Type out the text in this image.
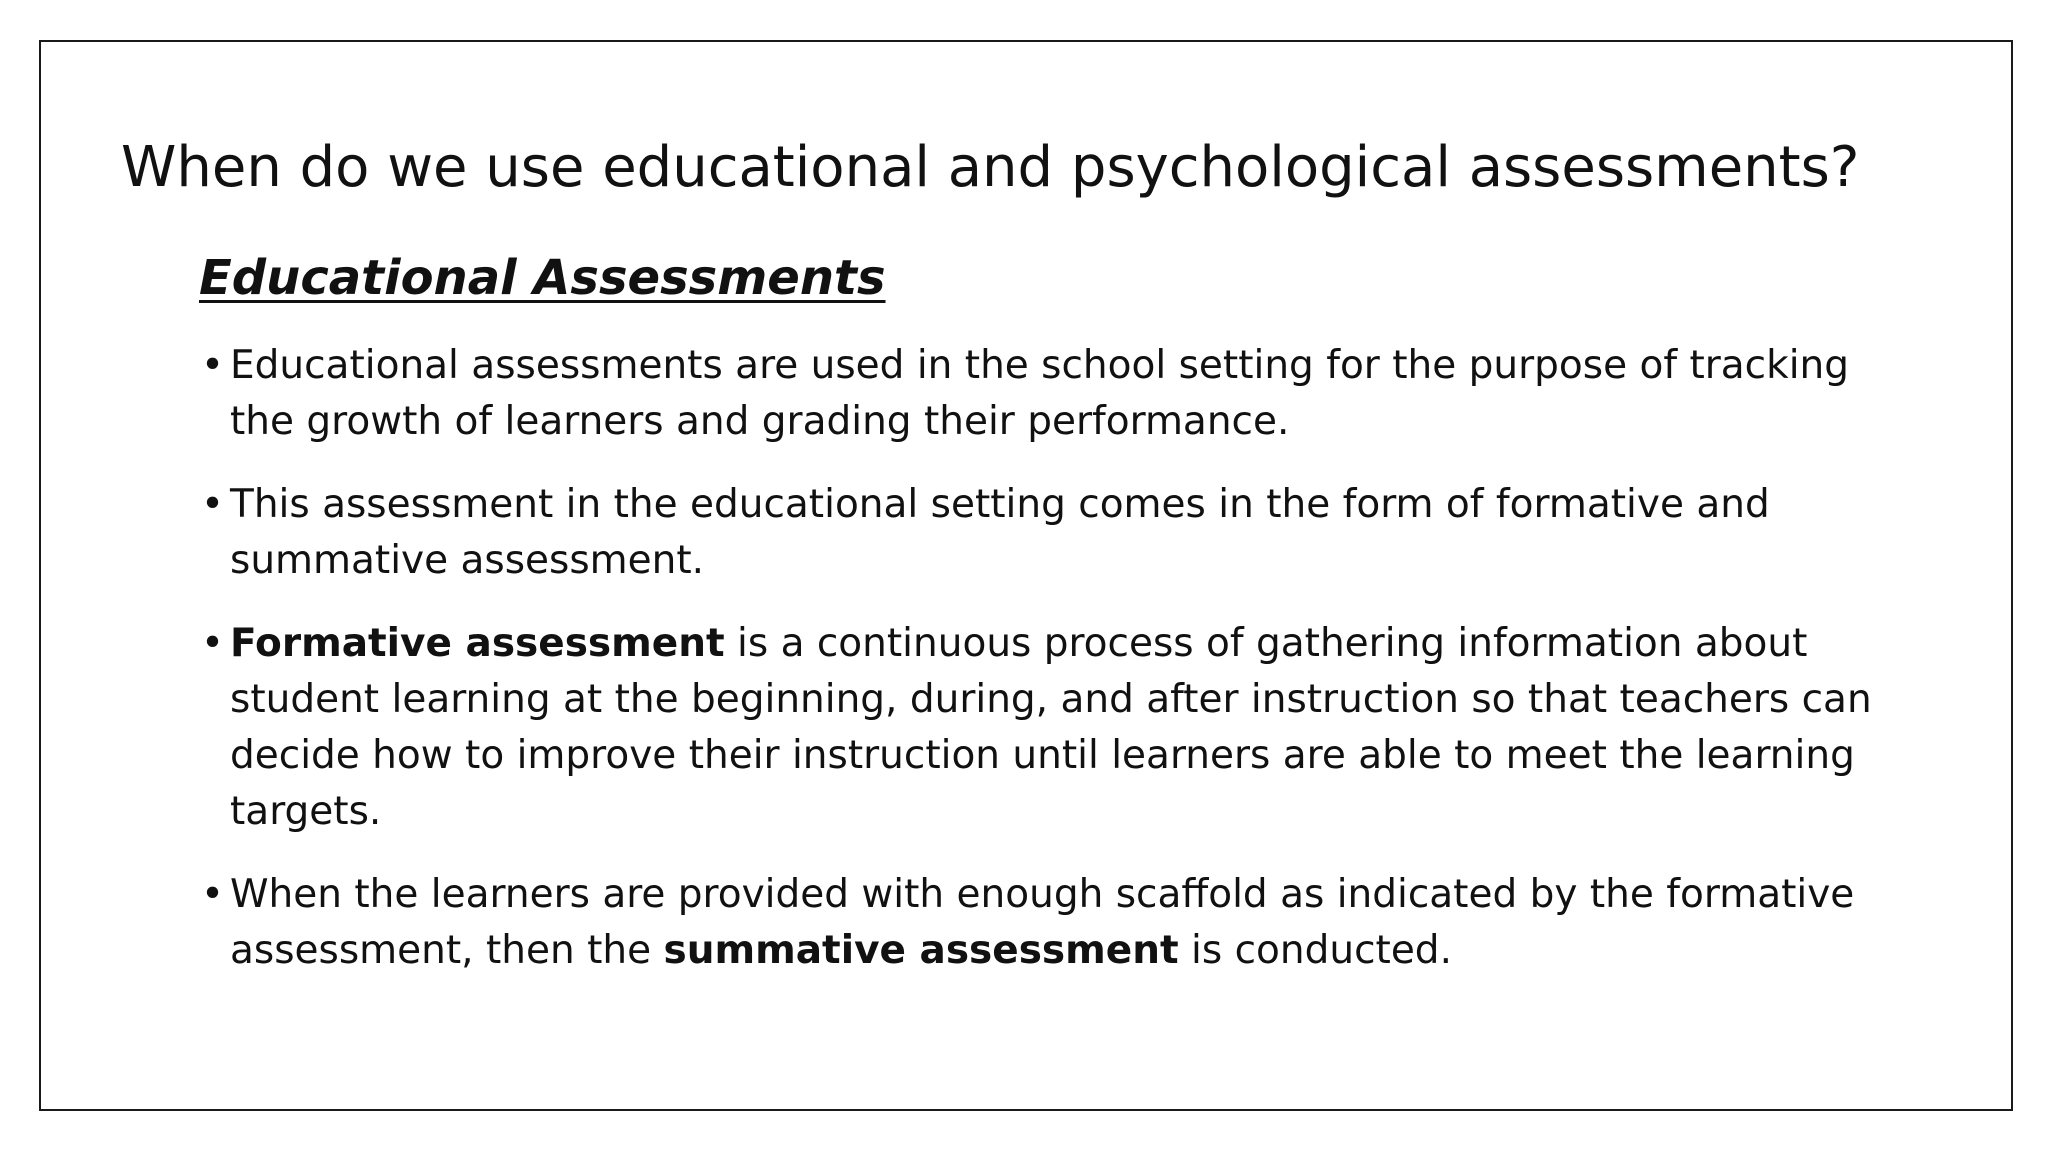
When do we use educational and psychological assessments?
Educational Assessments
• Educational assessments are used in the school setting for the purpose of tracking the growth of learners and grading their performance.
• This assessment in the educational setting comes in the form of formative and summative assessment.
• Formative assessment is a continuous process of gathering information about student learning at the beginning, during, and after instruction so that teachers can decide how to improve their instruction until learners are able to meet the learning targets.
• When the learners are provided with enough scaffold as indicated by the formative assessment, then the summative assessment is conducted.
